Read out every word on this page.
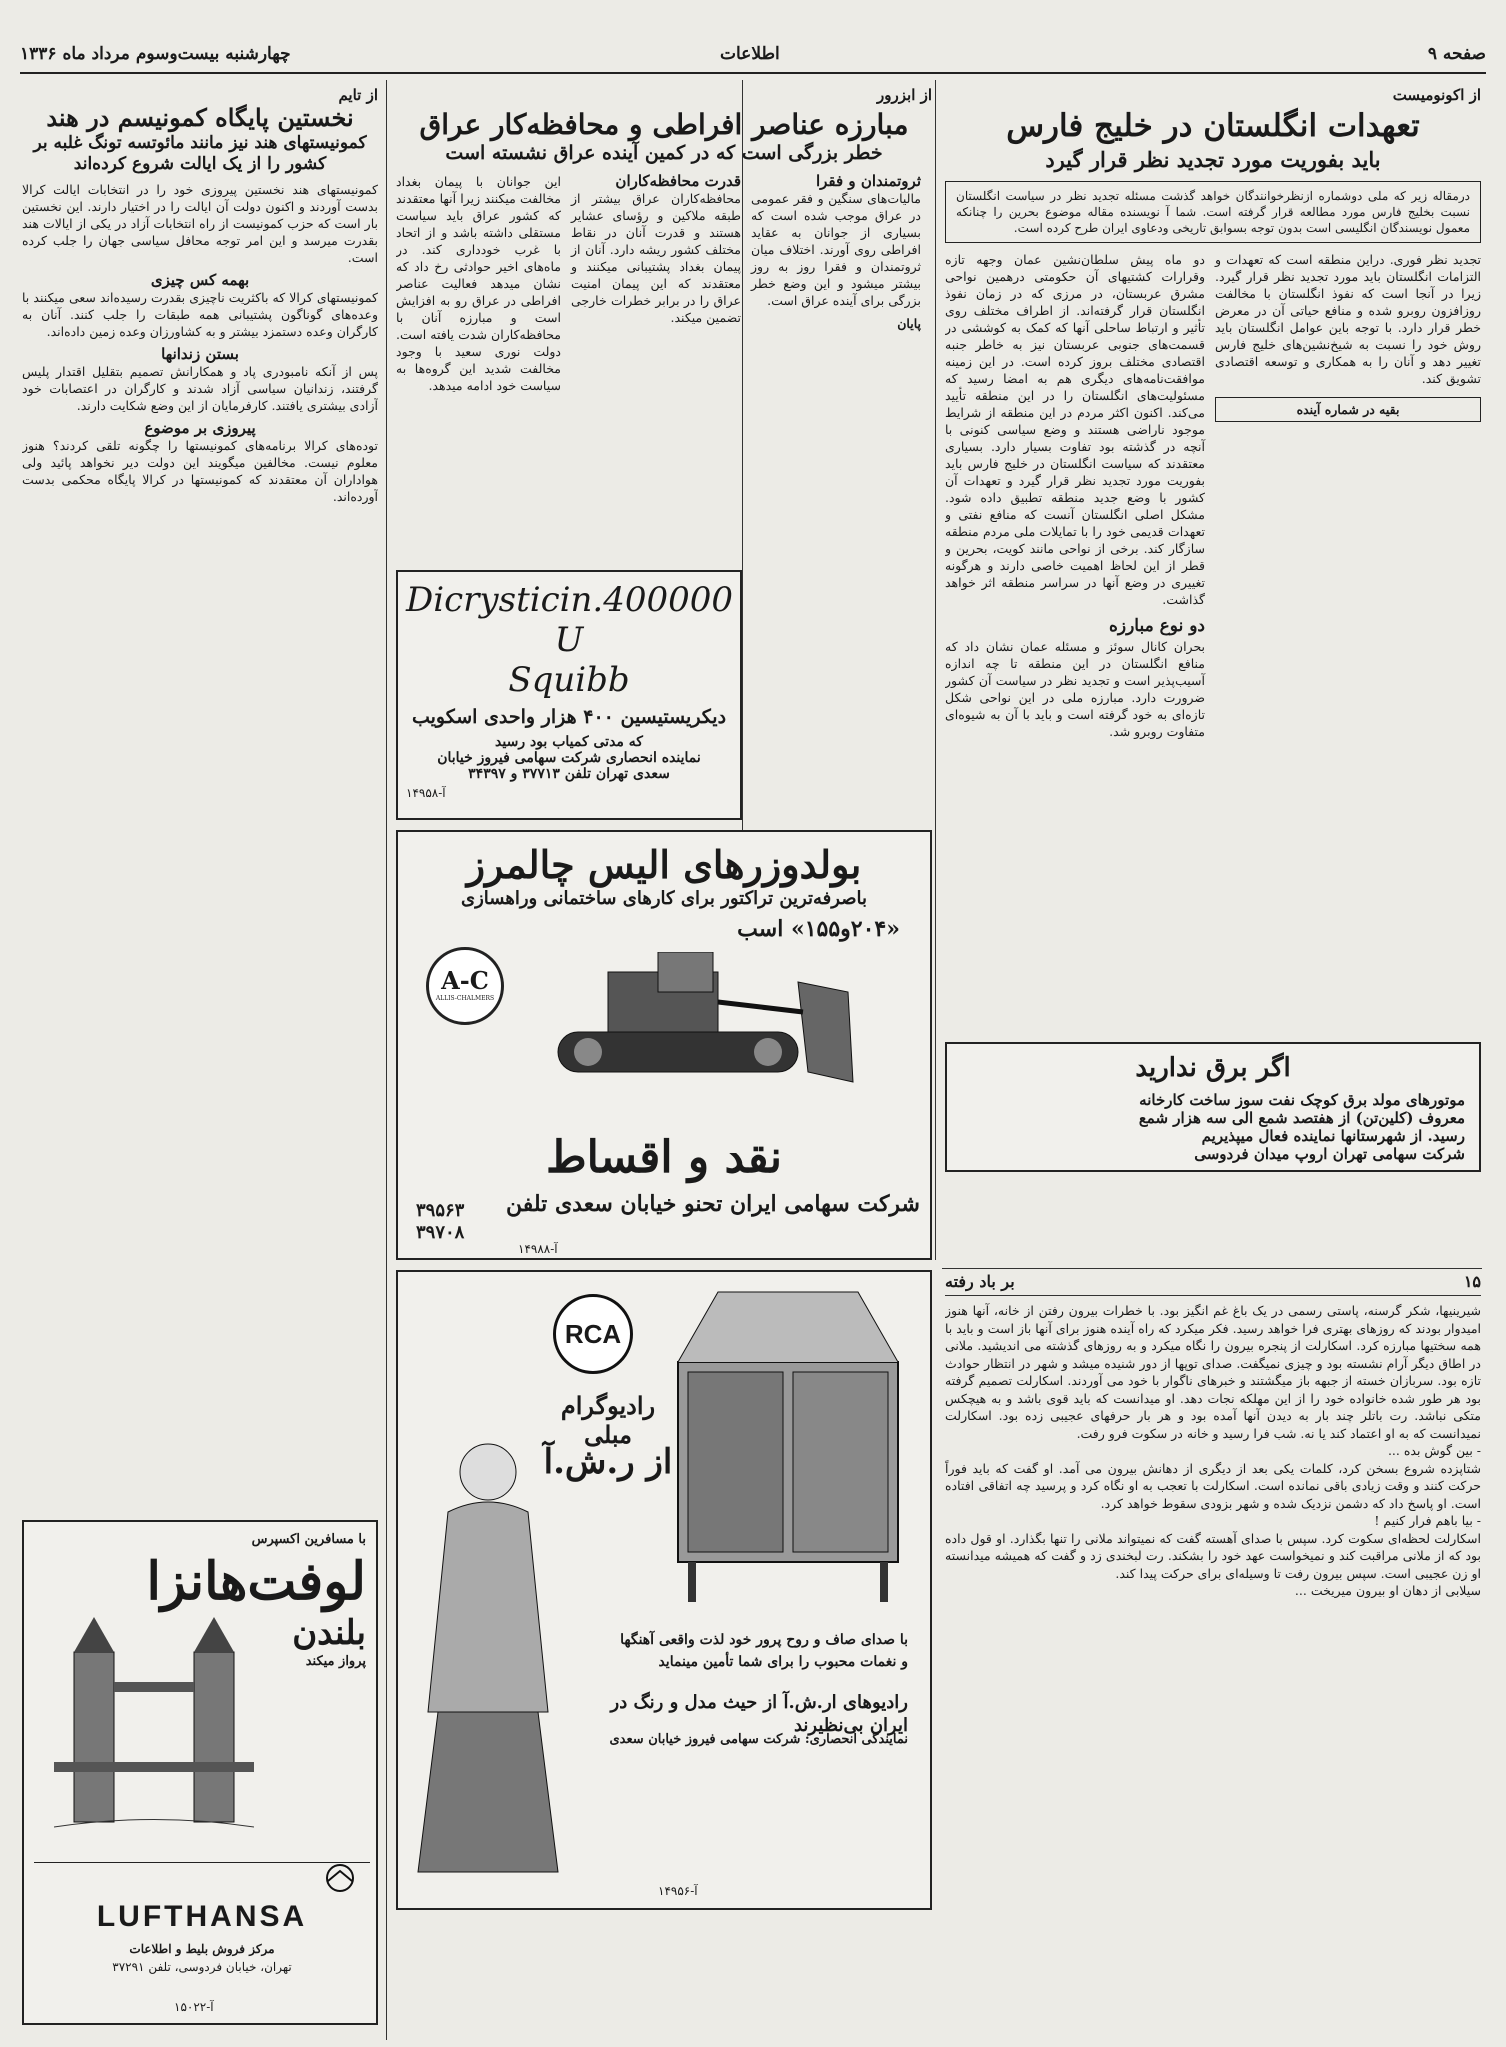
چهارشنبه بیست‌وسوم مرداد ماه ۱۳۳۶	اطلاعات	صفحه ۹
از اکونومیست
تعهدات انگلستان در خلیج فارس
باید بفوریت مورد تجدید نظر قرار گیرد
درمقاله زیر که ملی دوشماره ازنظرخوانندگان خواهد گذشت مسئله تجدید نظر در سیاست انگلستان نسبت بخلیج فارس مورد مطالعه قرار گرفته است. شما آ نویسنده مقاله موضوع بحرین را چنانکه معمول نویسندگان انگلیسی است بدون توجه بسوابق تاریخی ودعاوی ایران طرح کرده است.

دو ماه پیش سلطان‌نشین عمان وجهه تازه وقرارات کشتیهای آن حکومتی درهمین نواحی مشرق عربستان، در مرزی که در زمان نفوذ انگلستان قرار گرفته‌اند. از اطراف مختلف روی تأثیر و ارتباط ساحلی آنها که کمک به کوششی در قسمت‌های جنوبی عربستان نیز به خاطر جنبه اقتصادی مختلف بروز کرده است. در این زمینه موافقت‌نامه‌های دیگری هم به امضا رسید که مسئولیت‌های انگلستان را در این منطقه تأیید می‌کند. اکنون اکثر مردم در این منطقه از شرایط موجود ناراضی هستند و وضع سیاسی کنونی با آنچه در گذشته بود تفاوت بسیار دارد. بسیاری معتقدند که سیاست انگلستان در خلیج فارس باید بفوریت مورد تجدید نظر قرار گیرد و تعهدات آن کشور با وضع جدید منطقه تطبیق داده شود. مشکل اصلی انگلستان آنست که منافع نفتی و تعهدات قدیمی خود را با تمایلات ملی مردم منطقه سازگار کند. برخی از نواحی مانند کویت، بحرین و قطر از این لحاظ اهمیت خاصی دارند و هرگونه تغییری در وضع آنها در سراسر منطقه اثر خواهد گذاشت.

دو نوع مبارزه

بحران کانال سوئز و مسئله عمان نشان داد که منافع انگلستان در این منطقه تا چه اندازه آسیب‌پذیر است و تجدید نظر در سیاست آن کشور ضرورت دارد. مبارزه ملی در این نواحی شکل تازه‌ای به خود گرفته است و باید با آن به شیوه‌ای متفاوت روبرو شد.

تجدید نظر فوری. دراین منطقه است که تعهدات و التزامات انگلستان باید مورد تجدید نظر قرار گیرد. زیرا در آنجا است که نفوذ انگلستان با مخالفت روزافزون روبرو شده و منافع حیاتی آن در معرض خطر قرار دارد. با توجه باین عوامل انگلستان باید روش خود را نسبت به شیخ‌نشین‌های خلیج فارس تغییر دهد و آنان را به همکاری و توسعه اقتصادی تشویق کند.

بقیه در شماره آینده
اگر برق ندارید
موتورهای مولد برق کوچک نفت سوز ساخت کارخانه
معروف (کلین‌تن) از هفتصد شمع الی سه هزار شمع
رسید. از شهرستانها نماینده فعال میپذیریم
شرکت سهامی تهران اروپ میدان فردوسی
از ابزرور
مبارزه عناصر افراطی و محافظه‌کار عراق
خطر بزرگی است که در کمین آینده عراق نشسته است

این جوانان با پیمان بغداد مخالفت میکنند زیرا آنها معتقدند که کشور عراق باید سیاست مستقلی داشته باشد و از اتحاد با غرب خودداری کند. در ماه‌های اخیر حوادثی رخ داد که نشان میدهد فعالیت عناصر افراطی در عراق رو به افزایش است و مبارزه آنان با محافظه‌کاران شدت یافته است. دولت نوری سعید با وجود مخالفت شدید این گروه‌ها به سیاست خود ادامه میدهد.

قدرت محافظه‌کاران

محافظه‌کاران عراق بیشتر از طبقه ملاکین و رؤسای عشایر هستند و قدرت آنان در نقاط مختلف کشور ریشه دارد. آنان از پیمان بغداد پشتیبانی میکنند و معتقدند که این پیمان امنیت عراق را در برابر خطرات خارجی تضمین میکند.

ثروتمندان و فقرا

مالیات‌های سنگین و فقر عمومی در عراق موجب شده است که بسیاری از جوانان به عقاید افراطی روی آورند. اختلاف میان ثروتمندان و فقرا روز به روز بیشتر میشود و این وضع خطر بزرگی برای آینده عراق است.

پایان
Dicrysticin.400000 U
Squibb
دیکریستیسین ۴۰۰ هزار واحدی اسکویب
که مدتی کمیاب بود رسید
نماینده انحصاری شرکت سهامی فیروز خیابان
سعدی تهران تلفن ۳۷۷۱۳ و ۳۴۳۹۷
آ-۱۴۹۵۸
بولدوزرهای الیس چالمرز
باصرفه‌ترین تراکتور برای کارهای ساختمانی وراهسازی
«۲۰۴و۱۵۵» اسب
A-C
ALLIS-CHALMERS
نقد و اقساط
شرکت سهامی ایران تحنو خیابان سعدی تلفن
۳۹۵۶۳
۳۹۷۰۸
آ-۱۴۹۸۸
از تایم
نخستین پایگاه کمونیسم در هند
کمونیستهای هند نیز مانند مائوتسه تونگ غلبه بر کشور را از یک ایالت شروع کرده‌اند

کمونیستهای هند نخستین پیروزی خود را در انتخابات ایالت کرالا بدست آوردند و اکنون دولت آن ایالت را در اختیار دارند. این نخستین بار است که حزب کمونیست از راه انتخابات آزاد در یکی از ایالات هند بقدرت میرسد و این امر توجه محافل سیاسی جهان را جلب کرده است.

بهمه کس چیزی

کمونیستهای کرالا که باکثریت ناچیزی بقدرت رسیده‌اند سعی میکنند با وعده‌های گوناگون پشتیبانی همه طبقات را جلب کنند. آنان به کارگران وعده دستمزد بیشتر و به کشاورزان وعده زمین داده‌اند.

بستن زندانها

پس از آنکه نامبودری پاد و همکارانش تصمیم بتقلیل اقتدار پلیس گرفتند، زندانیان سیاسی آزاد شدند و کارگران در اعتصابات خود آزادی بیشتری یافتند. کارفرمایان از این وضع شکایت دارند.

پیروزی بر موضوع

توده‌های کرالا برنامه‌های کمونیستها را چگونه تلقی کردند؟ هنوز معلوم نیست. مخالفین میگویند این دولت دیر نخواهد پائید ولی هواداران آن معتقدند که کمونیستها در کرالا پایگاه محکمی بدست آورده‌اند.

با مسافرین اکسپرس
لوفت‌هانزا
بلندن
پرواز میکند
LUFTHANSA
مرکز فروش بلیط و اطلاعات
تهران، خیابان فردوسی، تلفن ۳۷۲۹۱
آ-۱۵۰۲۲
RCA
رادیوگرام مبلی
از ر.ش.آ
با صدای صاف و روح پرور خود لذت واقعی آهنگها
و نغمات محبوب را برای شما تأمین مینماید
رادیوهای ار.ش.آ از حیث مدل و رنگ در ایران بی‌نظیرند
نمایندگی انحصاری: شرکت سهامی فیروز خیابان سعدی
آ-۱۴۹۵۶
بر باد رفته	۱۵

شیرینیها، شکر گرسنه، پاستی رسمی در یک باغ غم انگیز بود. با خطرات بیرون رفتن از خانه، آنها هنوز امیدوار بودند که روزهای بهتری فرا خواهد رسید. فکر میکرد که راه آینده هنوز برای آنها باز است و باید با همه سختیها مبارزه کرد. اسکارلت از پنجره بیرون را نگاه میکرد و به روزهای گذشته می اندیشید. ملانی در اطاق دیگر آرام نشسته بود و چیزی نمیگفت. صدای توپها از دور شنیده میشد و شهر در انتظار حوادث تازه بود. سربازان خسته از جبهه باز میگشتند و خبرهای ناگوار با خود می آوردند. اسکارلت تصمیم گرفته بود هر طور شده خانواده خود را از این مهلکه نجات دهد. او میدانست که باید قوی باشد و به هیچکس متکی نباشد. رت باتلر چند بار به دیدن آنها آمده بود و هر بار حرفهای عجیبی زده بود. اسکارلت نمیدانست که به او اعتماد کند یا نه. شب فرا رسید و خانه در سکوت فرو رفت.

- بین گوش بده ...

شتاپزده شروع بسخن کرد، کلمات یکی بعد از دیگری از دهانش بیرون می آمد. او گفت که باید فوراً حرکت کنند و وقت زیادی باقی نمانده است. اسکارلت با تعجب به او نگاه کرد و پرسید چه اتفاقی افتاده است. او پاسخ داد که دشمن نزدیک شده و شهر بزودی سقوط خواهد کرد.

- بیا باهم فرار کنیم !

اسکارلت لحظه‌ای سکوت کرد. سپس با صدای آهسته گفت که نمیتواند ملانی را تنها بگذارد. او قول داده بود که از ملانی مراقبت کند و نمیخواست عهد خود را بشکند. رت لبخندی زد و گفت که همیشه میدانسته او زن عجیبی است. سپس بیرون رفت تا وسیله‌ای برای حرکت پیدا کند.

سیلابی از دهان او بیرون میریخت ...
